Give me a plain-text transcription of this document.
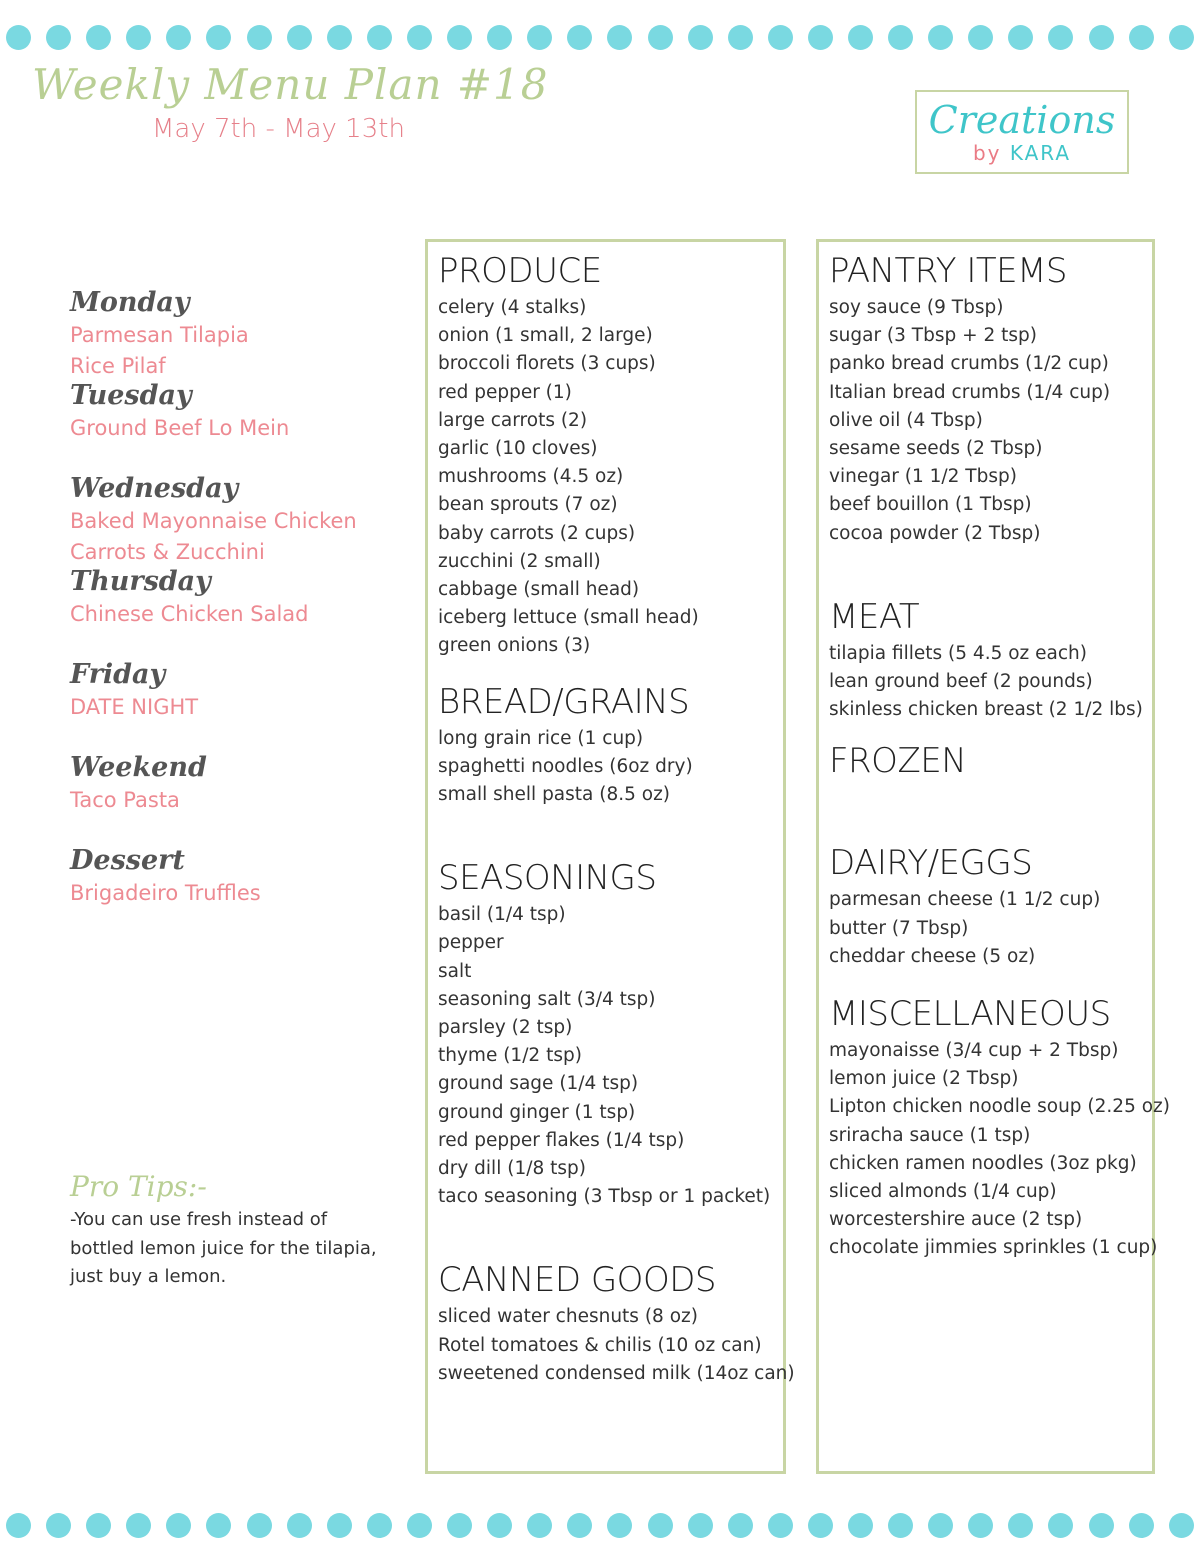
Weekly Menu Plan #18
May 7th - May 13th	Creations
by KARA
Monday
Parmesan Tilapia
Rice Pilaf
Tuesday
Ground Beef Lo Mein
Wednesday
Baked Mayonnaise Chicken
Carrots & Zucchini
Thursday
Chinese Chicken Salad
Friday
DATE NIGHT
Weekend
Taco Pasta
Dessert
Brigadeiro Truffles
Pro Tips:-
-You can use fresh instead of
bottled lemon juice for the tilapia,
just buy a lemon.
PRODUCE
celery (4 stalks)
onion (1 small, 2 large)
broccoli florets (3 cups)
red pepper (1)
large carrots (2)
garlic (10 cloves)
mushrooms (4.5 oz)
bean sprouts (7 oz)
baby carrots (2 cups)
zucchini (2 small)
cabbage (small head)
iceberg lettuce (small head)
green onions (3)
BREAD/GRAINS
long grain rice (1 cup)
spaghetti noodles (6oz dry)
small shell pasta (8.5 oz)
SEASONINGS
basil (1/4 tsp)
pepper
salt
seasoning salt (3/4 tsp)
parsley (2 tsp)
thyme (1/2 tsp)
ground sage (1/4 tsp)
ground ginger (1 tsp)
red pepper flakes (1/4 tsp)
dry dill (1/8 tsp)
taco seasoning (3 Tbsp or 1 packet)
CANNED GOODS
sliced water chesnuts (8 oz)
Rotel tomatoes & chilis (10 oz can)
sweetened condensed milk (14oz can)
PANTRY ITEMS
soy sauce (9 Tbsp)
sugar (3 Tbsp + 2 tsp)
panko bread crumbs (1/2 cup)
Italian bread crumbs (1/4 cup)
olive oil (4 Tbsp)
sesame seeds (2 Tbsp)
vinegar (1 1/2 Tbsp)
beef bouillon (1 Tbsp)
cocoa powder (2 Tbsp)
MEAT
tilapia fillets (5 4.5 oz each)
lean ground beef (2 pounds)
skinless chicken breast (2 1/2 lbs)
FROZEN
DAIRY/EGGS
parmesan cheese (1 1/2 cup)
butter (7 Tbsp)
cheddar cheese (5 oz)
MISCELLANEOUS
mayonaisse (3/4 cup + 2 Tbsp)
lemon juice (2 Tbsp)
Lipton chicken noodle soup (2.25 oz)
sriracha sauce (1 tsp)
chicken ramen noodles (3oz pkg)
sliced almonds (1/4 cup)
worcestershire auce (2 tsp)
chocolate jimmies sprinkles (1 cup)
